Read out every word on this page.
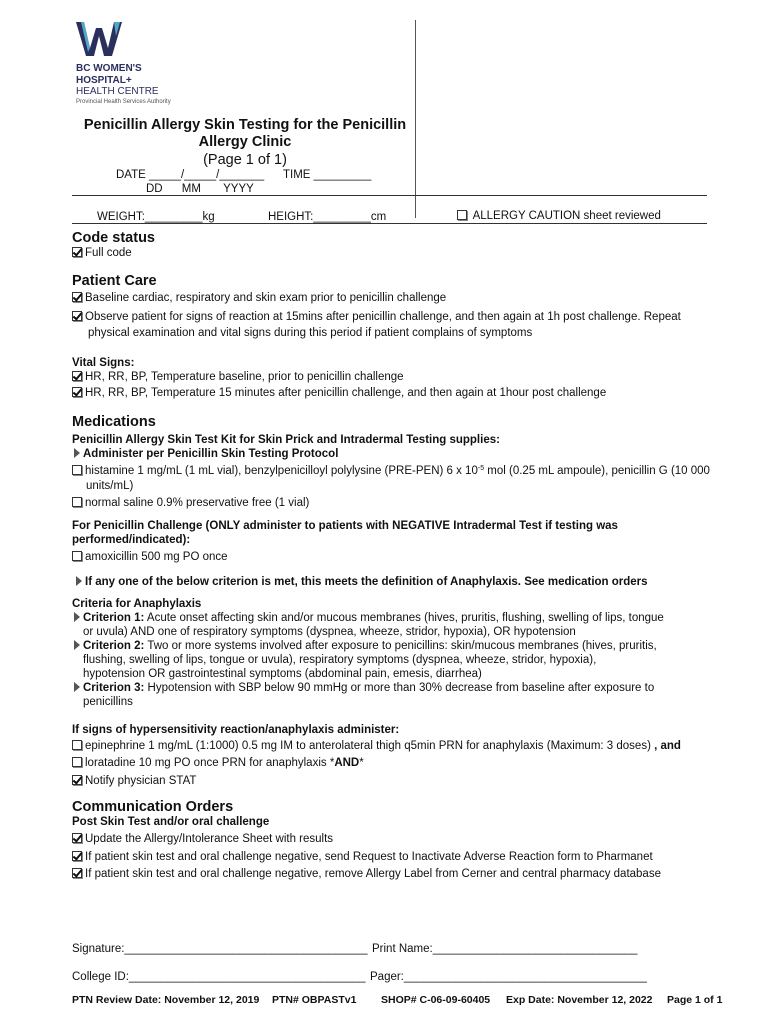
BC WOMEN'S
HOSPITAL+
HEALTH CENTRE
Provincial Health Services Authority
Penicillin Allergy Skin Testing for the Penicillin
Allergy Clinic
(Page 1 of 1)
DATE _____/_____/_______ TIME _________
DD      MM       YYYY
WEIGHT:_________kg	HEIGHT:_________cm	ALLERGY CAUTION sheet reviewed
Code status
Full code
Patient Care
Baseline cardiac, respiratory and skin exam prior to penicillin challenge
Observe patient for signs of reaction at 15mins after penicillin challenge, and then again at 1h post challenge. Repeat
physical examination and vital signs during this period if patient complains of symptoms
Vital Signs:
HR, RR, BP, Temperature baseline, prior to penicillin challenge
HR, RR, BP, Temperature 15 minutes after penicillin challenge, and then again at 1hour post challenge
Medications
Penicillin Allergy Skin Test Kit for Skin Prick and Intradermal Testing supplies:
Administer per Penicillin Skin Testing Protocol
histamine 1 mg/mL (1 mL vial), benzylpenicilloyl polylysine (PRE-PEN) 6 x $10^{-5}$ mol (0.25 mL ampoule), penicillin G (10 000
units/mL)
normal saline 0.9% preservative free (1 vial)
For Penicillin Challenge (ONLY administer to patients with NEGATIVE Intradermal Test if testing was
performed/indicated):
amoxicillin 500 mg PO once
If any one of the below criterion is met, this meets the definition of Anaphylaxis. See medication orders
Criteria for Anaphylaxis
Criterion 1: Acute onset affecting skin and/or mucous membranes (hives, pruritis, flushing, swelling of lips, tongue
or uvula) AND one of respiratory symptoms (dyspnea, wheeze, stridor, hypoxia), OR hypotension
Criterion 2: Two or more systems involved after exposure to penicillins: skin/mucous membranes (hives, pruritis,
flushing, swelling of lips, tongue or uvula), respiratory symptoms (dyspnea, wheeze, stridor, hypoxia),
hypotension OR gastrointestinal symptoms (abdominal pain, emesis, diarrhea)
Criterion 3: Hypotension with SBP below 90 mmHg or more than 30% decrease from baseline after exposure to
penicillins
If signs of hypersensitivity reaction/anaphylaxis administer:
epinephrine 1 mg/mL (1:1000) 0.5 mg IM to anterolateral thigh q5min PRN for anaphylaxis (Maximum: 3 doses) , and
loratadine 10 mg PO once PRN for anaphylaxis *AND*
Notify physician STAT
Communication Orders
Post Skin Test and/or oral challenge
Update the Allergy/Intolerance Sheet with results
If patient skin test and oral challenge negative, send Request to Inactivate Adverse Reaction form to Pharmanet
If patient skin test and oral challenge negative, remove Allergy Label from Cerner and central pharmacy database
Signature:______________________________________ Print Name:________________________________
College ID:_____________________________________ Pager:______________________________________
PTN Review Date: November 12, 2019 PTN# OBPASTv1 SHOP# C-06-09-60405 Exp Date: November 12, 2022 Page 1 of 1
